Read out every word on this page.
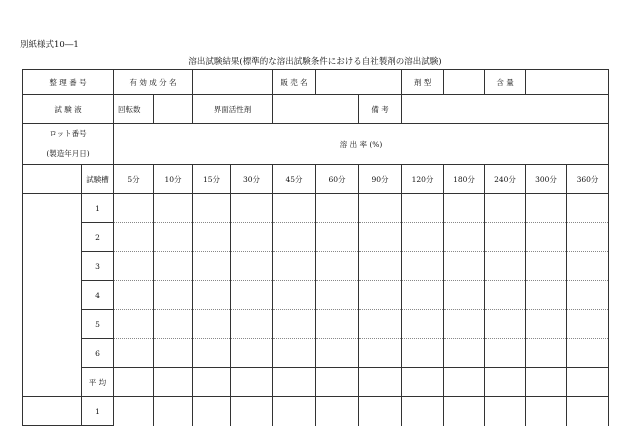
別紙様式10―1
溶出試験結果(標準的な溶出試験条件における自社製剤の溶出試験)
整 理 番 号		有 効 成 分 名				販 売 名			剤 型		含 量		
試 験 液		回転数		界面活性剤				備 考					

ロット番号
(製造年月日)		溶 出 率 (%)											
	試験槽	5分	10分	15分	30分	45分	60分	90分	120分	180分	240分	300分	360分
	1												
	2												
	3												
	4												
	5												
	6												
	平 均												
	1												
